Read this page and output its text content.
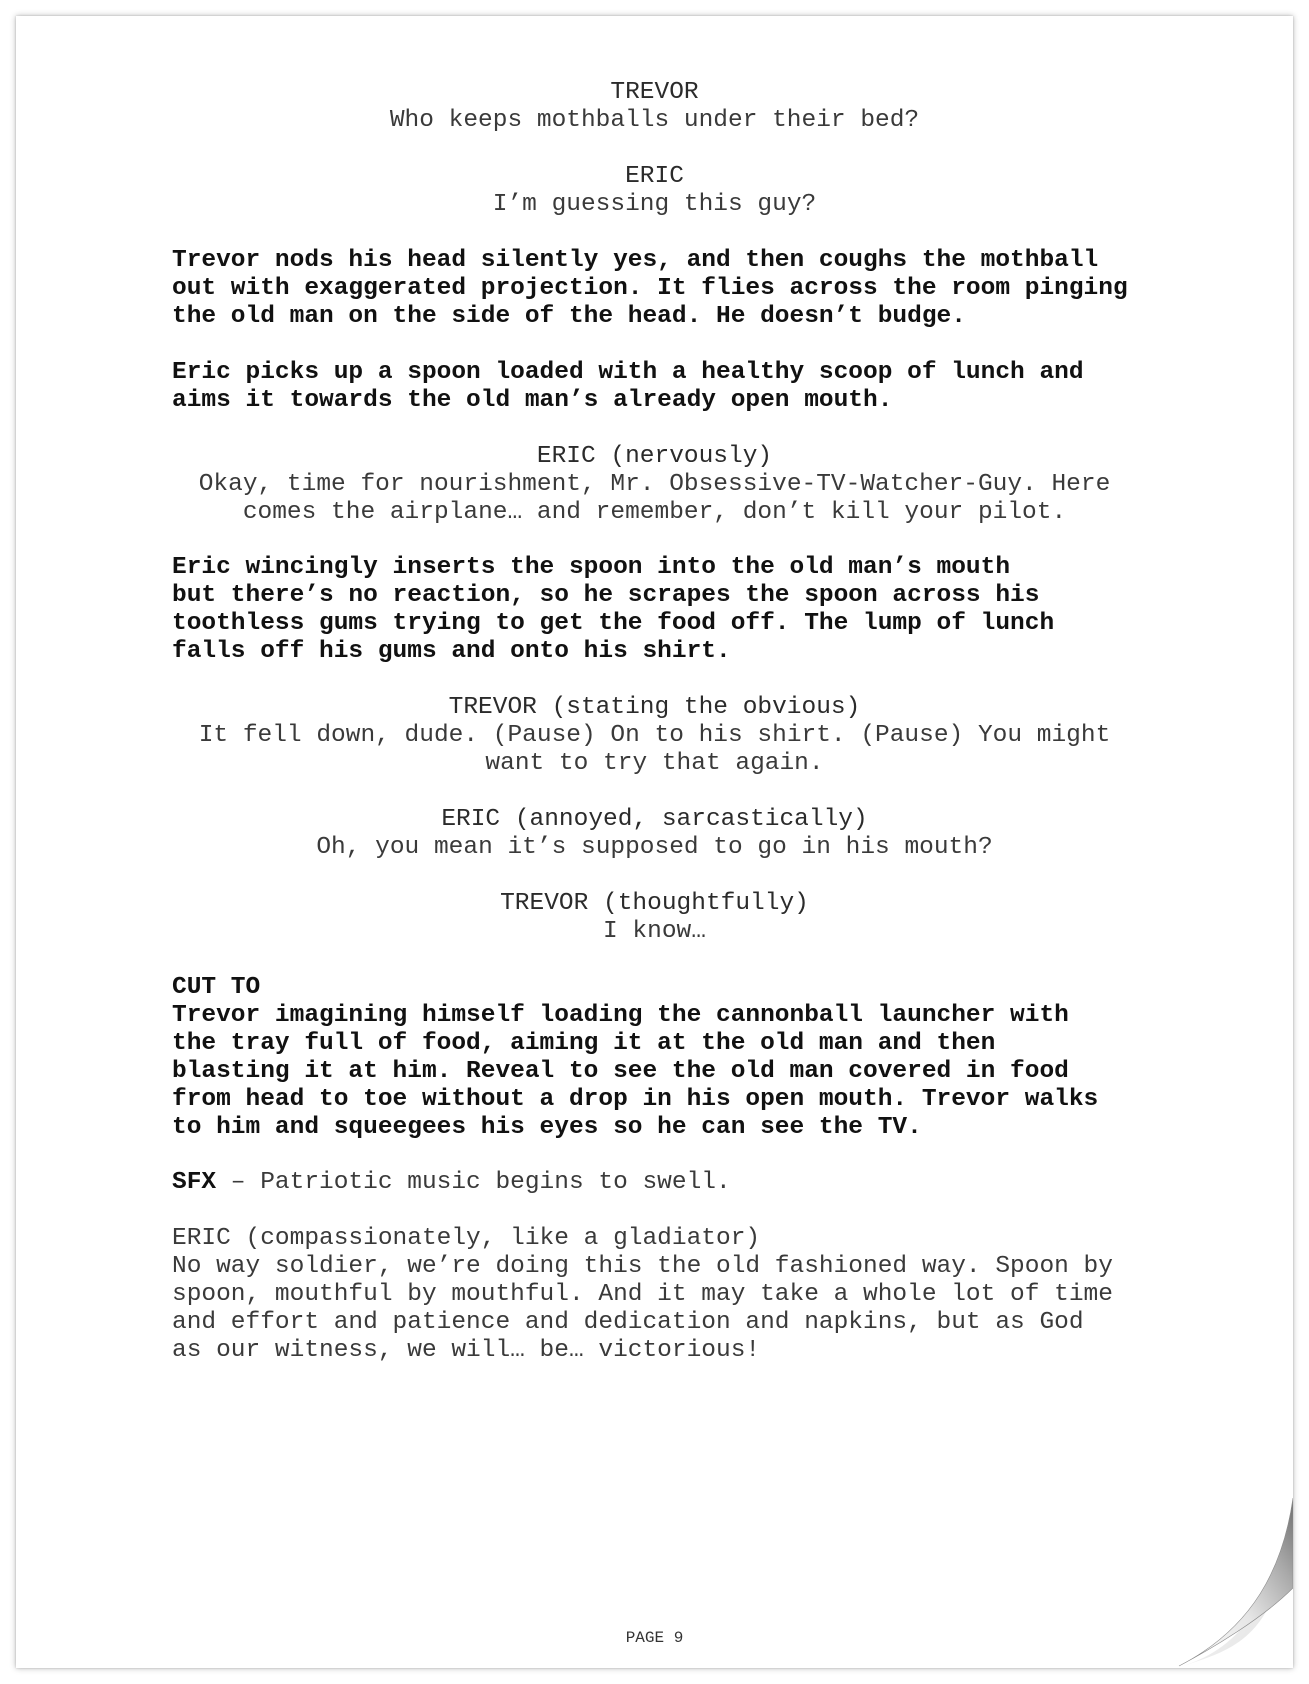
TREVOR
Who keeps mothballs under their bed?
ERIC
I’m guessing this guy?
Trevor nods his head silently yes, and then coughs the mothball
out with exaggerated projection. It flies across the room pinging
the old man on the side of the head. He doesn’t budge.
Eric picks up a spoon loaded with a healthy scoop of lunch and
aims it towards the old man’s already open mouth.
ERIC (nervously)
Okay, time for nourishment, Mr. Obsessive-TV-Watcher-Guy. Here
comes the airplane… and remember, don’t kill your pilot.
Eric wincingly inserts the spoon into the old man’s mouth
but there’s no reaction, so he scrapes the spoon across his
toothless gums trying to get the food off. The lump of lunch
falls off his gums and onto his shirt.
TREVOR (stating the obvious)
It fell down, dude. (Pause) On to his shirt. (Pause) You might
want to try that again.
ERIC (annoyed, sarcastically)
Oh, you mean it’s supposed to go in his mouth?
TREVOR (thoughtfully)
I know…
CUT TO
Trevor imagining himself loading the cannonball launcher with
the tray full of food, aiming it at the old man and then
blasting it at him. Reveal to see the old man covered in food
from head to toe without a drop in his open mouth. Trevor walks
to him and squeegees his eyes so he can see the TV.
SFX – Patriotic music begins to swell.
ERIC (compassionately, like a gladiator)
No way soldier, we’re doing this the old fashioned way. Spoon by
spoon, mouthful by mouthful. And it may take a whole lot of time
and effort and patience and dedication and napkins, but as God
as our witness, we will… be… victorious!
PAGE 9
